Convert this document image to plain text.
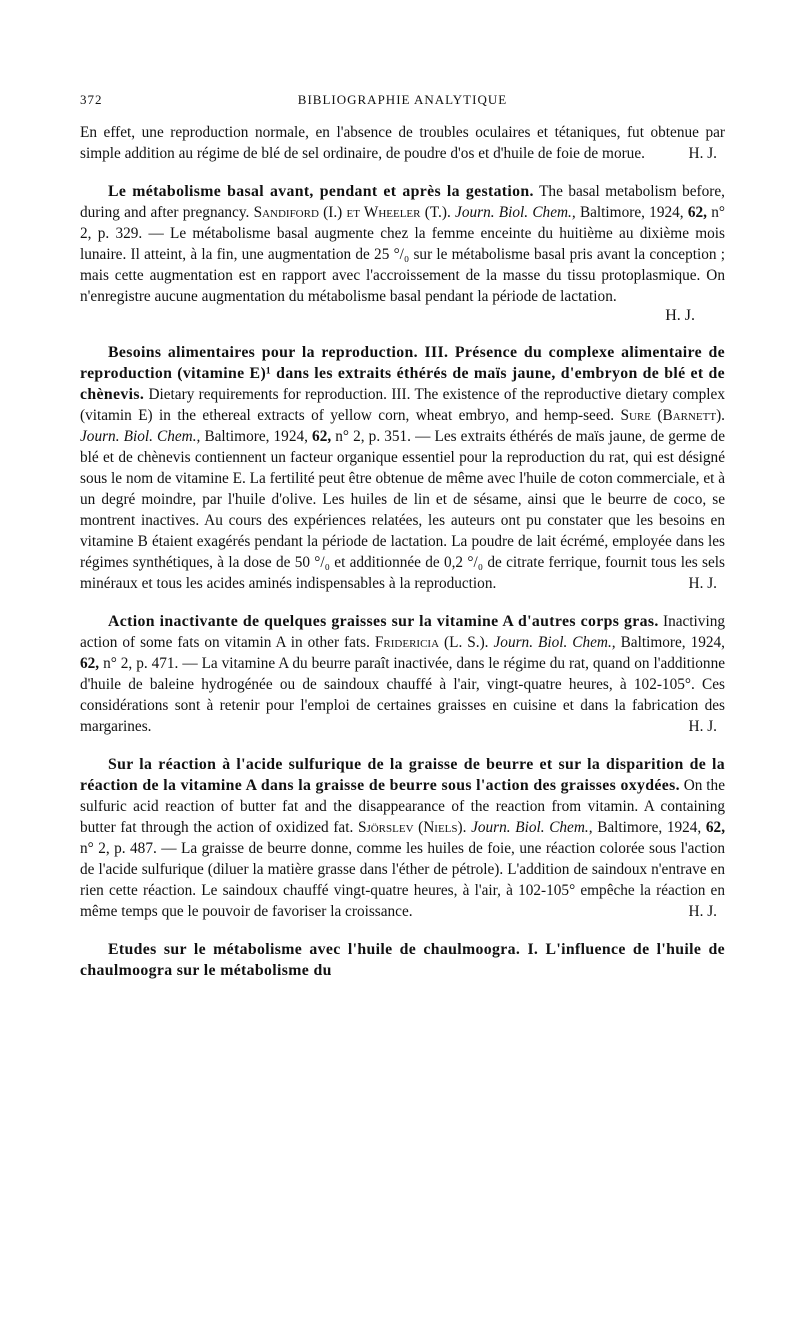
372	BIBLIOGRAPHIE ANALYTIQUE

En effet, une reproduction normale, en l'absence de troubles oculaires et tétaniques, fut obtenue par simple addition au régime de blé de sel ordinaire, de poudre d'os et d'huile de foie de morue.	H. J.

Le métabolisme basal avant, pendant et après la gestation. The basal metabolism before, during and after pregnancy. Sandiford (I.) et Wheeler (T.). Journ. Biol. Chem., Baltimore, 1924, 62, n° 2, p. 329. — Le métabolisme basal augmente chez la femme enceinte du huitième au dixième mois lunaire. Il atteint, à la fin, une augmentation de 25 °/₀ sur le métabolisme basal pris avant la conception ; mais cette augmentation est en rapport avec l'accroissement de la masse du tissu protoplasmique. On n'enregistre aucune augmentation du métabolisme basal pendant la période de lactation.

H. J.

Besoins alimentaires pour la reproduction. III. Présence du complexe alimentaire de reproduction (vitamine E)¹ dans les extraits éthérés de maïs jaune, d'embryon de blé et de chènevis. Dietary requirements for reproduction. III. The existence of the reproductive dietary complex (vitamin E) in the ethereal extracts of yellow corn, wheat embryo, and hemp-seed. Sure (Barnett). Journ. Biol. Chem., Baltimore, 1924, 62, n° 2, p. 351. — Les extraits éthérés de maïs jaune, de germe de blé et de chènevis contiennent un facteur organique essentiel pour la reproduction du rat, qui est désigné sous le nom de vitamine E. La fertilité peut être obtenue de même avec l'huile de coton commerciale, et à un degré moindre, par l'huile d'olive. Les huiles de lin et de sésame, ainsi que le beurre de coco, se montrent inactives. Au cours des expériences relatées, les auteurs ont pu constater que les besoins en vitamine B étaient exagérés pendant la période de lactation. La poudre de lait écrémé, employée dans les régimes synthétiques, à la dose de 50 °/₀ et additionnée de 0,2 °/₀ de citrate ferrique, fournit tous les sels minéraux et tous les acides aminés indispensables à la reproduction.	H. J.

Action inactivante de quelques graisses sur la vitamine A d'autres corps gras. Inactiving action of some fats on vitamin A in other fats. Fridericia (L. S.). Journ. Biol. Chem., Baltimore, 1924, 62, n° 2, p. 471. — La vitamine A du beurre paraît inactivée, dans le régime du rat, quand on l'additionne d'huile de baleine hydrogénée ou de saindoux chauffé à l'air, vingt-quatre heures, à 102-105°. Ces considérations sont à retenir pour l'emploi de certaines graisses en cuisine et dans la fabrication des margarines.	H. J.

Sur la réaction à l'acide sulfurique de la graisse de beurre et sur la disparition de la réaction de la vitamine A dans la graisse de beurre sous l'action des graisses oxydées. On the sulfuric acid reaction of butter fat and the disappearance of the reaction from vitamin. A containing butter fat through the action of oxidized fat. Sjörslev (Niels). Journ. Biol. Chem., Baltimore, 1924, 62, n° 2, p. 487. — La graisse de beurre donne, comme les huiles de foie, une réaction colorée sous l'action de l'acide sulfurique (diluer la matière grasse dans l'éther de pétrole). L'addition de saindoux n'entrave en rien cette réaction. Le saindoux chauffé vingt-quatre heures, à l'air, à 102-105° empêche la réaction en même temps que le pouvoir de favoriser la croissance.	H. J.

Etudes sur le métabolisme avec l'huile de chaulmoogra. I. L'influence de l'huile de chaulmoogra sur le métabolisme du
